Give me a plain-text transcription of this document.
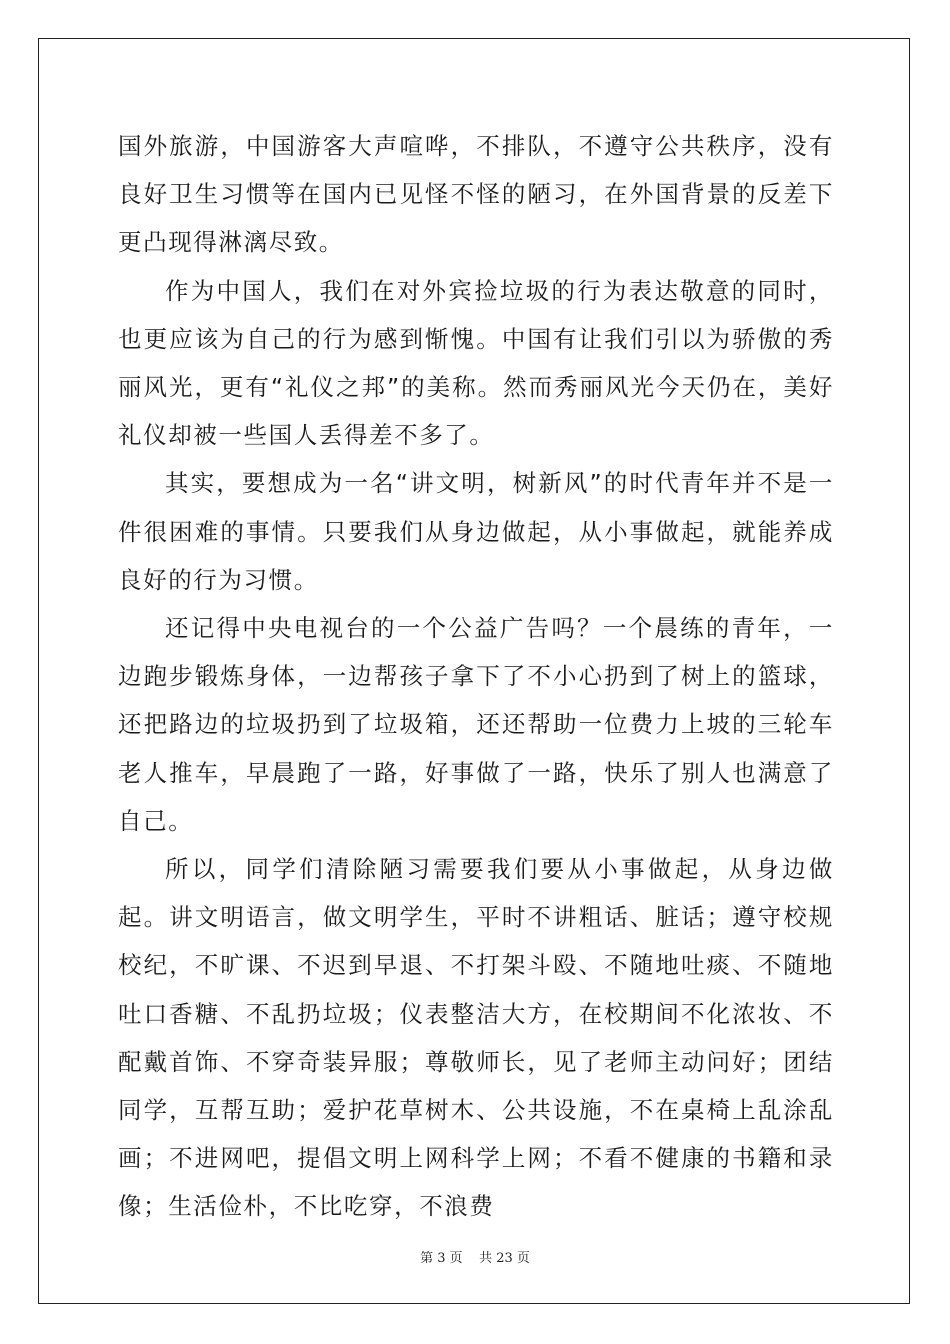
国外旅游，中国游客大声喧哗，不排队，不遵守公共秩序，没有良好卫生习惯等在国内已见怪不怪的陋习，在外国背景的反差下更凸现得淋漓尽致。

作为中国人，我们在对外宾捡垃圾的行为表达敬意的同时，也更应该为自己的行为感到惭愧。中国有让我们引以为骄傲的秀丽风光，更有“礼仪之邦”的美称。然而秀丽风光今天仍在，美好礼仪却被一些国人丢得差不多了。

其实，要想成为一名“讲文明，树新风”的时代青年并不是一件很困难的事情。只要我们从身边做起，从小事做起，就能养成良好的行为习惯。

还记得中央电视台的一个公益广告吗？一个晨练的青年，一边跑步锻炼身体，一边帮孩子拿下了不小心扔到了树上的篮球，还把路边的垃圾扔到了垃圾箱，还还帮助一位费力上坡的三轮车老人推车，早晨跑了一路，好事做了一路，快乐了别人也满意了自己。

所以，同学们清除陋习需要我们要从小事做起，从身边做起。讲文明语言，做文明学生，平时不讲粗话、脏话；遵守校规校纪，不旷课、不迟到早退、不打架斗殴、不随地吐痰、不随地吐口香糖、不乱扔垃圾；仪表整洁大方，在校期间不化浓妆、不配戴首饰、不穿奇装异服；尊敬师长，见了老师主动问好；团结同学，互帮互助；爱护花草树木、公共设施，不在桌椅上乱涂乱画；不进网吧，提倡文明上网科学上网；不看不健康的书籍和录像；生活俭朴，不比吃穿，不浪费

第 3 页    共 23 页
